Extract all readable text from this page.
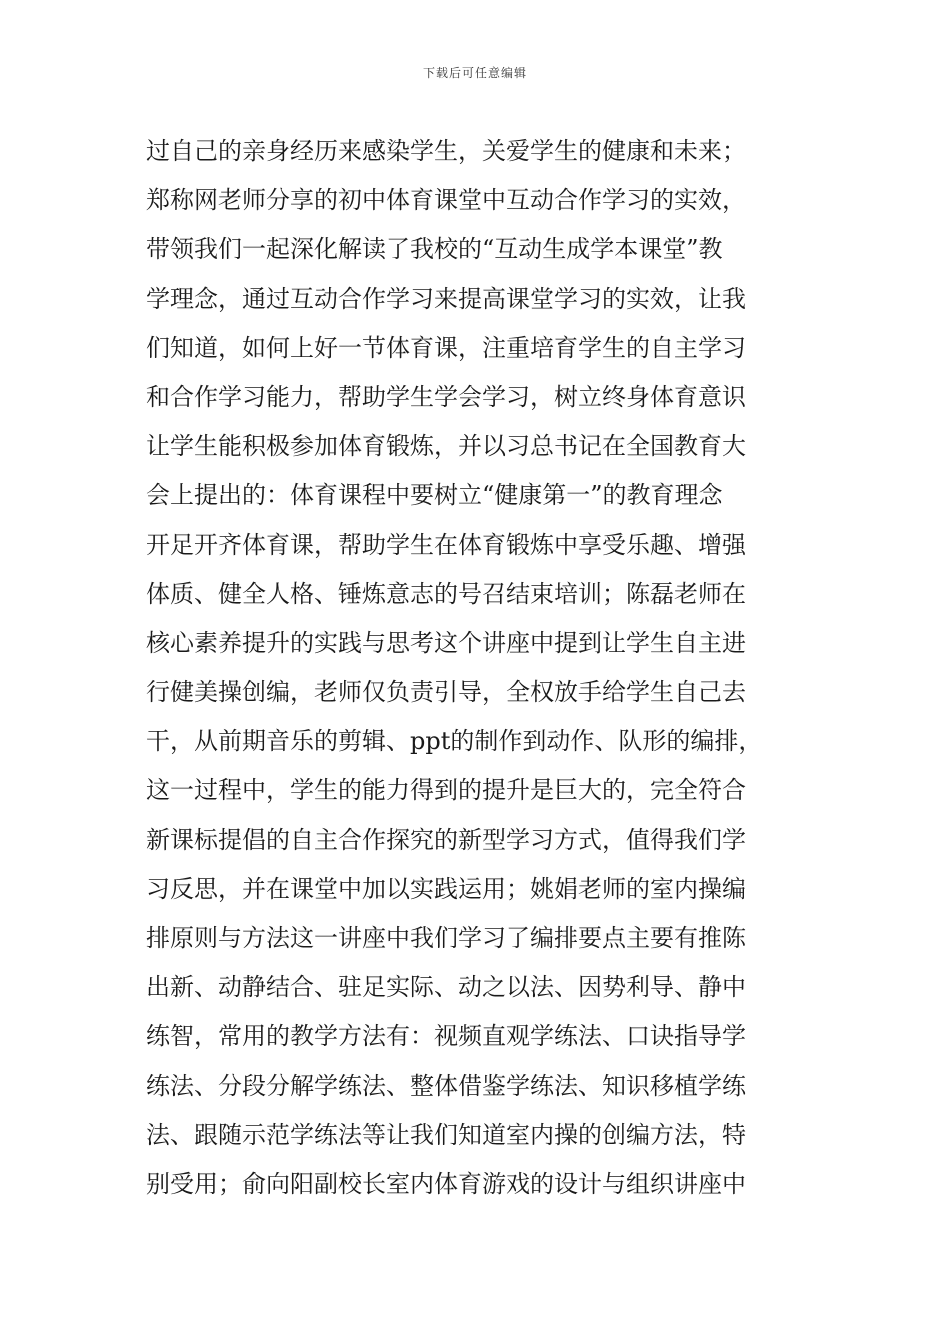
下载后可任意编辑
过自己的亲身经历来感染学生，关爱学生的健康和未来；
郑称网老师分享的初中体育课堂中互动合作学习的实效，
带领我们一起深化解读了我校的“互动生成学本课堂”教
学理念，通过互动合作学习来提高课堂学习的实效，让我
们知道，如何上好一节体育课，注重培育学生的自主学习
和合作学习能力，帮助学生学会学习，树立终身体育意识
让学生能积极参加体育锻炼，并以习总书记在全国教育大
会上提出的：体育课程中要树立“健康第一”的教育理念
开足开齐体育课，帮助学生在体育锻炼中享受乐趣、增强
体质、健全人格、锤炼意志的号召结束培训；陈磊老师在
核心素养提升的实践与思考这个讲座中提到让学生自主进
行健美操创编，老师仅负责引导，全权放手给学生自己去
干，从前期音乐的剪辑、ppt的制作到动作、队形的编排，
这一过程中，学生的能力得到的提升是巨大的，完全符合
新课标提倡的自主合作探究的新型学习方式，值得我们学
习反思，并在课堂中加以实践运用；姚娟老师的室内操编
排原则与方法这一讲座中我们学习了编排要点主要有推陈
出新、动静结合、驻足实际、动之以法、因势利导、静中
练智，常用的教学方法有：视频直观学练法、口诀指导学
练法、分段分解学练法、整体借鉴学练法、知识移植学练
法、跟随示范学练法等让我们知道室内操的创编方法，特
别受用；俞向阳副校长室内体育游戏的设计与组织讲座中
